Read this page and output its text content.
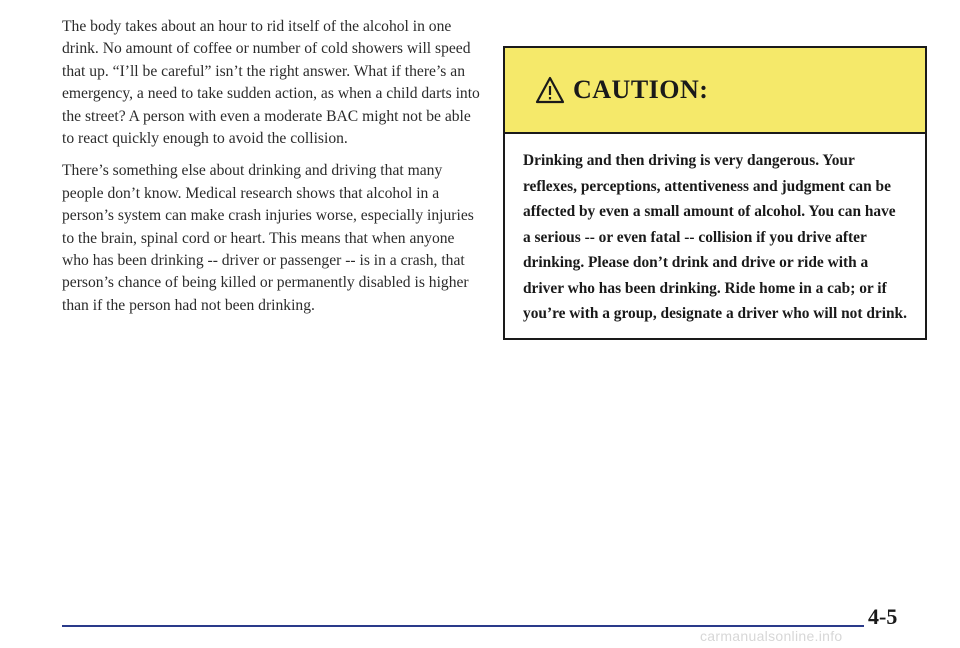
The body takes about an hour to rid itself of the alcohol in one drink. No amount of coffee or number of cold showers will speed that up. “I’ll be careful” isn’t the right answer. What if there’s an emergency, a need to take sudden action, as when a child darts into the street? A person with even a moderate BAC might not be able to react quickly enough to avoid the collision.

There’s something else about drinking and driving that many people don’t know. Medical research shows that alcohol in a person’s system can make crash injuries worse, especially injuries to the brain, spinal cord or heart. This means that when anyone who has been drinking -- driver or passenger -- is in a crash, that person’s chance of being killed or permanently disabled is higher than if the person had not been drinking.

CAUTION:
Drinking and then driving is very dangerous. Your reflexes, perceptions, attentiveness and judgment can be affected by even a small amount of alcohol. You can have a serious -- or even fatal -- collision if you drive after drinking. Please don’t drink and drive or ride with a driver who has been drinking. Ride home in a cab; or if you’re with a group, designate a driver who will not drink.
4-5
carmanualsonline.info
